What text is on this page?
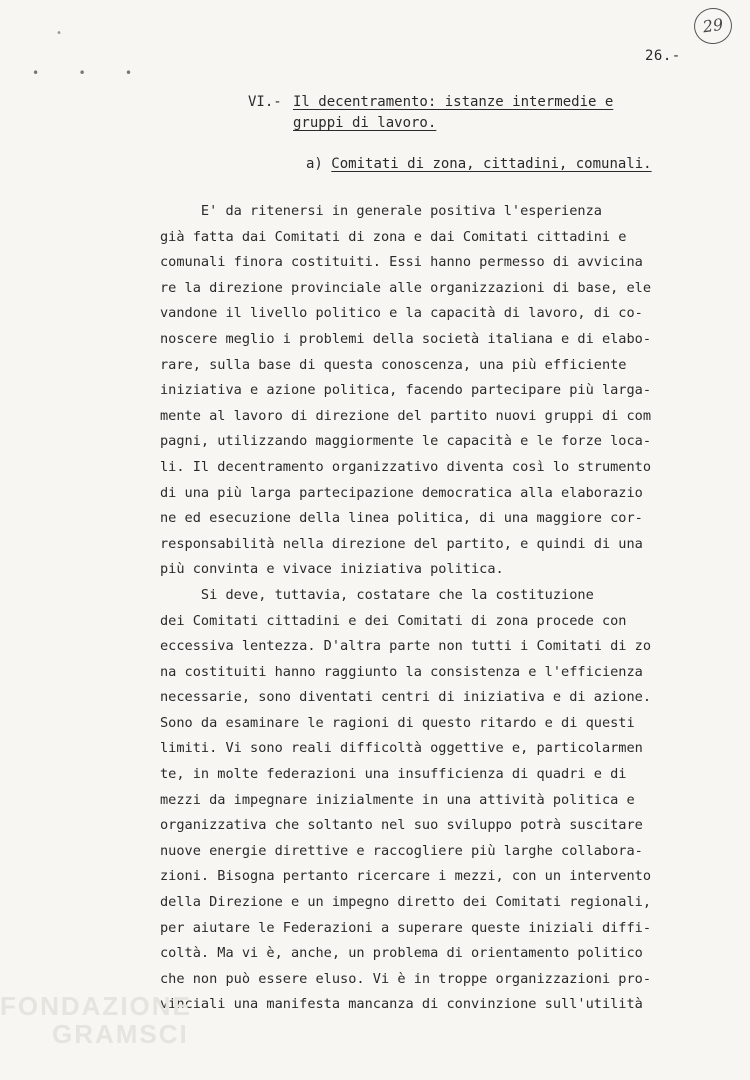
•
• • •
29
26.-
VI.- Il decentramento: istanze intermedie e
gruppi di lavoro.
a) Comitati di zona, cittadini, comunali.
E' da ritenersi in generale positiva l'esperienza
già fatta dai Comitati di zona e dai Comitati cittadini e
comunali finora costituiti. Essi hanno permesso di avvicina
re la direzione provinciale alle organizzazioni di base, ele
vandone il livello politico e la capacità di lavoro, di co-
noscere meglio i problemi della società italiana e di elabo-
rare, sulla base di questa conoscenza, una più efficiente
iniziativa e azione politica, facendo partecipare più larga-
mente al lavoro di direzione del partito nuovi gruppi di com
pagni, utilizzando maggiormente le capacità e le forze loca-
li. Il decentramento organizzativo diventa così lo strumento
di una più larga partecipazione democratica alla elaborazio
ne ed esecuzione della linea politica, di una maggiore cor-
responsabilità nella direzione del partito, e quindi di una
più convinta e vivace iniziativa politica.
Si deve, tuttavia, costatare che la costituzione
dei Comitati cittadini e dei Comitati di zona procede con
eccessiva lentezza. D'altra parte non tutti i Comitati di zo
na costituiti hanno raggiunto la consistenza e l'efficienza
necessarie, sono diventati centri di iniziativa e di azione.
Sono da esaminare le ragioni di questo ritardo e di questi
limiti. Vi sono reali difficoltà oggettive e, particolarmen
te, in molte federazioni una insufficienza di quadri e di
mezzi da impegnare inizialmente in una attività politica e
organizzativa che soltanto nel suo sviluppo potrà suscitare
nuove energie direttive e raccogliere più larghe collabora-
zioni. Bisogna pertanto ricercare i mezzi, con un intervento
della Direzione e un impegno diretto dei Comitati regionali,
per aiutare le Federazioni a superare queste iniziali diffi-
coltà. Ma vi è, anche, un problema di orientamento politico
che non può essere eluso. Vi è in troppe organizzazioni pro-
vinciali una manifesta mancanza di convinzione sull'utilità
FONDAZIONE
GRAMSCI
